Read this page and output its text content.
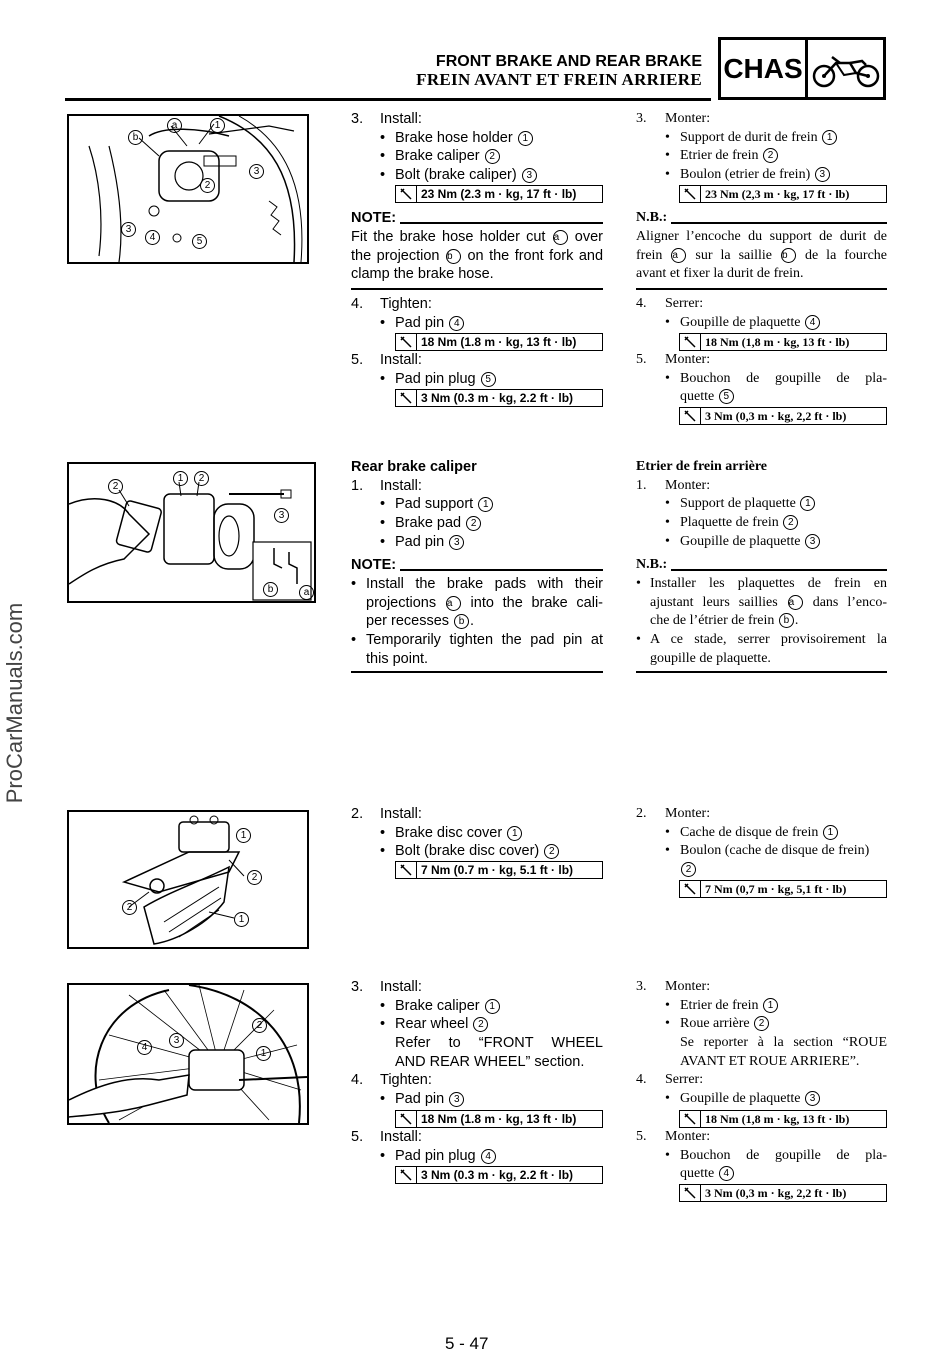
FRONT BRAKE AND REAR BRAKE
FREIN AVANT ET FREIN ARRIERE CHAS
ProCarManuals.com
a	1
b
2
3
3
4	5
3. Install:
• Brake hose holder 1
• Brake caliper 2
• Bolt (brake caliper) 3
23 Nm (2.3 m · kg, 17 ft · lb)
NOTE:
Fit the brake hose holder cut a over
the projection b on the front fork and
clamp the brake hose.
4. Tighten:
• Pad pin 4
18 Nm (1.8 m · kg, 13 ft · lb)
5. Install:
• Pad pin plug 5
3 Nm (0.3 m · kg, 2.2 ft · lb)
3. Monter:
• Support de durit de frein 1
• Etrier de frein 2
• Boulon (etrier de frein) 3
23 Nm (2,3 m · kg, 17 ft · lb)
N.B.:
Aligner l’encoche du support de durit de
frein a sur la saillie b de la fourche
avant et fixer la durit de frein.
4. Serrer:
• Goupille de plaquette 4
18 Nm (1,8 m · kg, 13 ft · lb)
5. Monter:
• Bouchon de goupille de pla-
quette 5
3 Nm (0,3 m · kg, 2,2 ft · lb)
2
1	2
3
b	a
Rear brake caliper
1. Install:
• Pad support 1
• Brake pad 2
• Pad pin 3
NOTE:
• Install the brake pads with their
projections a into the brake cali-
per recesses b .
• Temporarily tighten the pad pin at
this point.
Etrier de frein arrière
1. Monter:
• Support de plaquette 1
• Plaquette de frein 2
• Goupille de plaquette 3
N.B.:
• Installer les plaquettes de frein en
ajustant leurs saillies a dans l’enco-
che de l’étrier de frein b .
• A ce stade, serrer provisoirement la
goupille de plaquette.
1
2
2
1
2. Install:
• Brake disc cover 1
• Bolt (brake disc cover) 2
7 Nm (0.7 m · kg, 5.1 ft · lb)
2. Monter:
• Cache de disque de frein 1
• Boulon (cache de disque de frein)
2
7 Nm (0,7 m · kg, 5,1 ft · lb)
2
4
3
1
3. Install:
• Brake caliper 1
• Rear wheel 2
Refer to “FRONT WHEEL
AND REAR WHEEL” section.
4. Tighten:
• Pad pin 3
18 Nm (1.8 m · kg, 13 ft · lb)
5. Install:
• Pad pin plug 4
3 Nm (0.3 m · kg, 2.2 ft · lb)
3. Monter:
• Etrier de frein 1
• Roue arrière 2
Se reporter à la section “ROUE
AVANT ET ROUE ARRIERE”.
4. Serrer:
• Goupille de plaquette 3
18 Nm (1,8 m · kg, 13 ft · lb)
5. Monter:
• Bouchon de goupille de pla-
quette 4
3 Nm (0,3 m · kg, 2,2 ft · lb)
5 - 47
